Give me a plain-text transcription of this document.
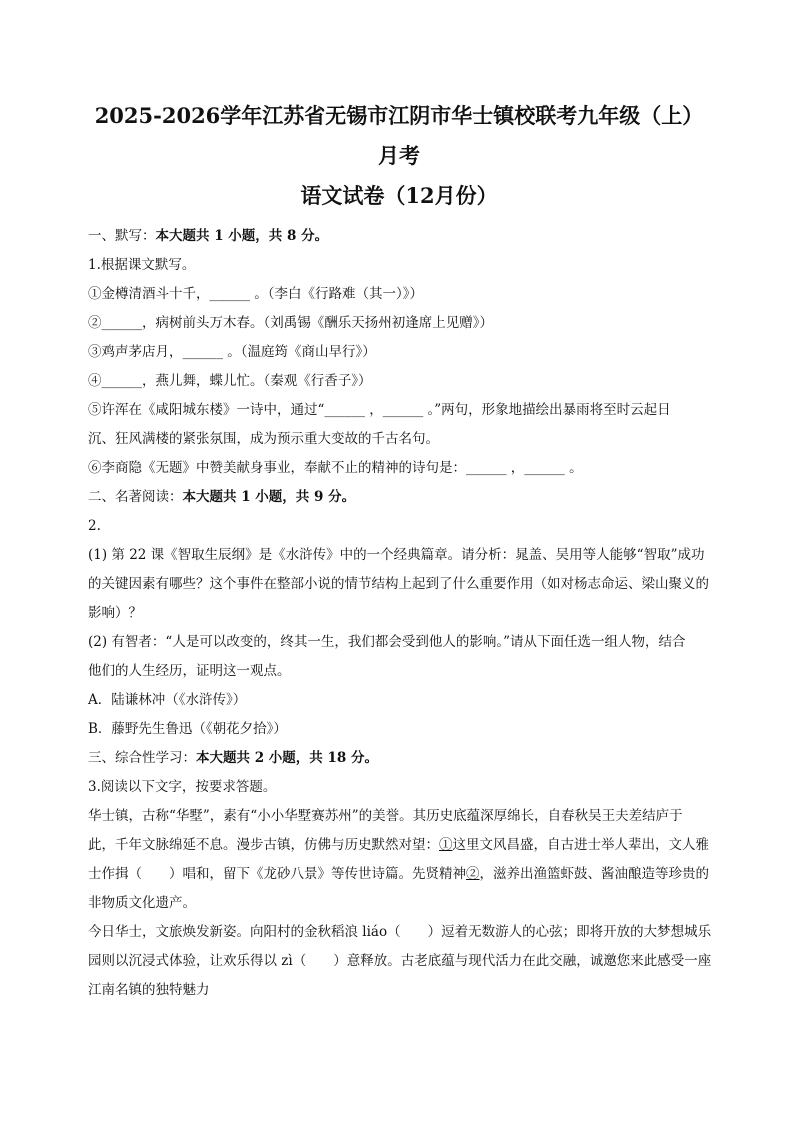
2025-2026学年江苏省无锡市江阴市华士镇校联考九年级（上）月考
语文试卷（12月份）

一、默写：本大题共 1 小题，共 8 分。

1.根据课文默写。

①金樽清酒斗十千，______ 。（李白《行路难（其一）》）

②______，病树前头万木春。（刘禹锡《酬乐天扬州初逢席上见赠》）

③鸡声茅店月，______ 。（温庭筠《商山早行》）

④______，燕儿舞，蝶儿忙。（秦观《行香子》）

⑤许浑在《咸阳城东楼》一诗中，通过“______ ，______ 。”两句，形象地描绘出暴雨将至时云起日

沉、狂风满楼的紧张氛围，成为预示重大变故的千古名句。

⑥李商隐《无题》中赞美献身事业，奉献不止的精神的诗句是：______ ，______ 。

二、名著阅读：本大题共 1 小题，共 9 分。

2.

(1) 第 22 课《智取生辰纲》是《水浒传》中的一个经典篇章。请分析：晁盖、吴用等人能够“智取”成功

的关键因素有哪些？这个事件在整部小说的情节结构上起到了什么重要作用（如对杨志命运、梁山聚义的

影响）？

(2) 有智者：“人是可以改变的，终其一生，我们都会受到他人的影响。”请从下面任选一组人物，结合

他们的人生经历，证明这一观点。

A．陆谦林冲（《水浒传》）

B．藤野先生鲁迅（《朝花夕拾》）

三、综合性学习：本大题共 2 小题，共 18 分。

3.阅读以下文字，按要求答题。

华士镇，古称“华墅”，素有“小小华墅赛苏州”的美誉。其历史底蕴深厚绵长，自春秋吴王夫差结庐于

此，千年文脉绵延不息。漫步古镇，仿佛与历史默然对望：①这里文风昌盛，自古进士举人辈出，文人雅

士作揖（　　）唱和，留下《龙砂八景》等传世诗篇。先贤精神②，滋养出渔篮虾鼓、酱油酿造等珍贵的

非物质文化遗产。

今日华士，文旅焕发新姿。向阳村的金秋稻浪 liáo（　　）逗着无数游人的心弦；即将开放的大梦想城乐

园则以沉浸式体验，让欢乐得以 zì（　　）意释放。古老底蕴与现代活力在此交融，诚邀您来此感受一座

江南名镇的独特魅力
